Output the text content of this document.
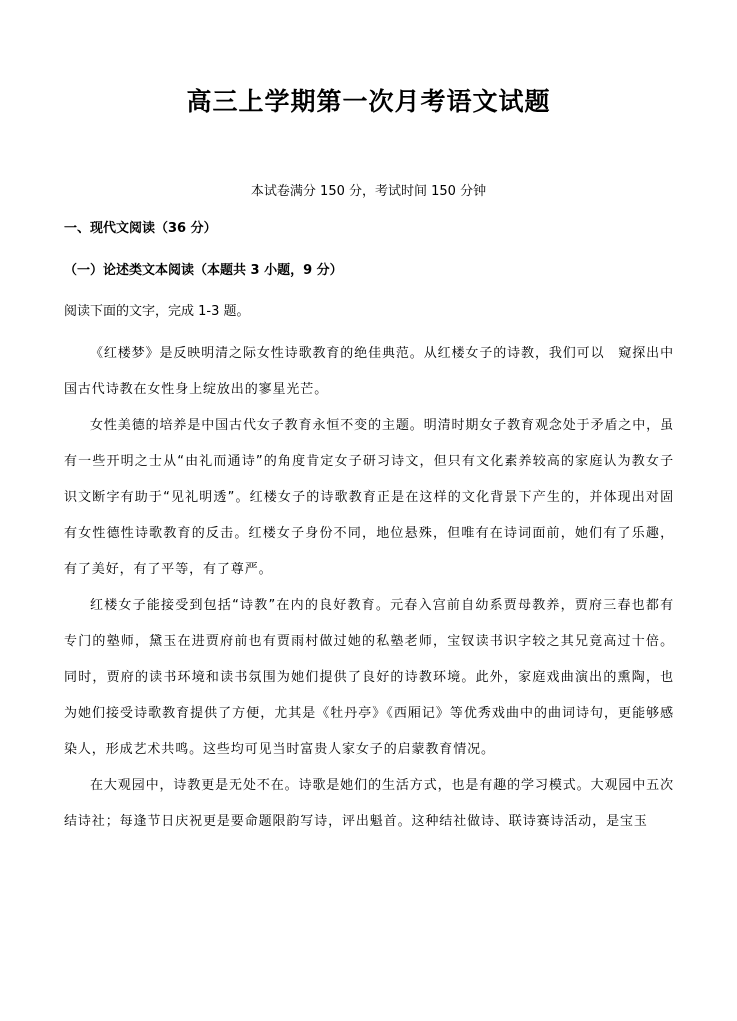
高三上学期第一次月考语文试题
本试卷满分 150 分，考试时间 150 分钟
一、现代文阅读（36 分）
（一）论述类文本阅读（本题共 3 小题，9 分）
阅读下面的文字，完成 1-3 题。

《红楼梦》是反映明清之际女性诗歌教育的绝佳典范。从红楼女子的诗教，我们可以　窥探出中国古代诗教在女性身上绽放出的寥星光芒。

女性美德的培养是中国古代女子教育永恒不变的主题。明清时期女子教育观念处于矛盾之中，虽有一些开明之士从“由礼而通诗”的角度肯定女子研习诗文，但只有文化素养较高的家庭认为教女子识文断字有助于“见礼明透”。红楼女子的诗歌教育正是在这样的文化背景下产生的，并体现出对固有女性德性诗歌教育的反击。红楼女子身份不同，地位悬殊，但唯有在诗词面前，她们有了乐趣，有了美好，有了平等，有了尊严。

红楼女子能接受到包括“诗教”在内的良好教育。元春入宫前自幼系贾母教养，贾府三春也都有专门的塾师，黛玉在进贾府前也有贾雨村做过她的私塾老师，宝钗读书识字较之其兄竟高过十倍。同时，贾府的读书环境和读书氛围为她们提供了良好的诗教环境。此外，家庭戏曲演出的熏陶，也为她们接受诗歌教育提供了方便，尤其是《牡丹亭》《西厢记》等优秀戏曲中的曲词诗句，更能够感染人，形成艺术共鸣。这些均可见当时富贵人家女子的启蒙教育情况。

在大观园中，诗教更是无处不在。诗歌是她们的生活方式，也是有趣的学习模式。大观园中五次结诗社；每逢节日庆祝更是要命题限韵写诗，评出魁首。这种结社做诗、联诗赛诗活动，是宝玉
